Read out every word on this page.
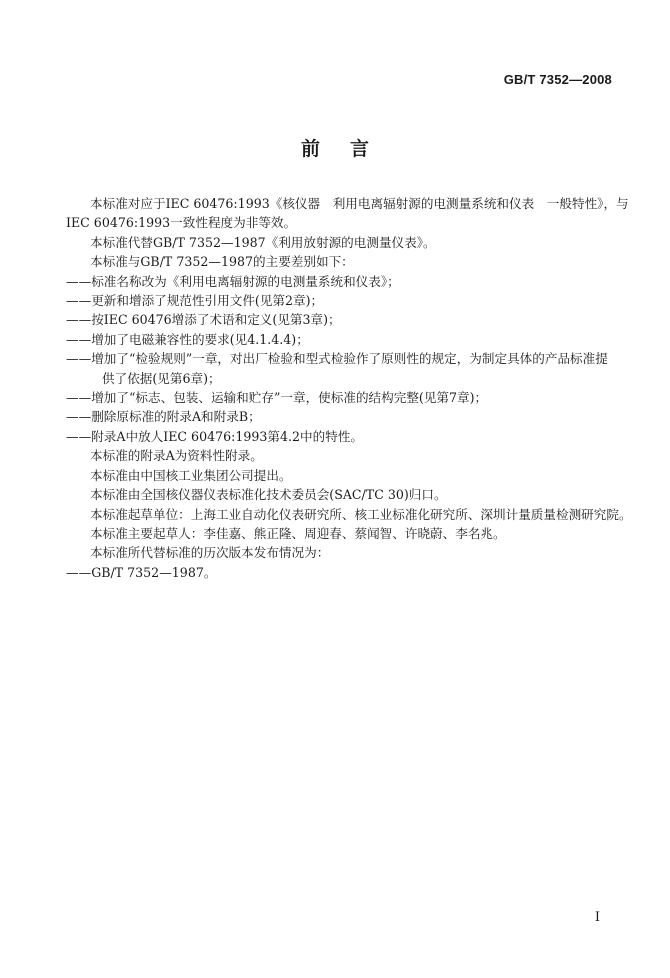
GB/T 7352—2008
前言

本标准对应于IEC 60476:1993《核仪器　利用电离辐射源的电测量系统和仪表　一般特性》，与

IEC 60476:1993一致性程度为非等效。

本标准代替GB/T 7352—1987《利用放射源的电测量仪表》。

本标准与GB/T 7352—1987的主要差别如下：

——标准名称改为《利用电离辐射源的电测量系统和仪表》；

——更新和增添了规范性引用文件(见第2章)；

——按IEC 60476增添了术语和定义(见第3章)；

——增加了电磁兼容性的要求(见4.1.4.4)；

——增加了“检验规则”一章，对出厂检验和型式检验作了原则性的规定，为制定具体的产品标准提

供了依据(见第6章)；

——增加了“标志、包装、运输和贮存”一章，使标准的结构完整(见第7章)；

——删除原标准的附录A和附录B；

——附录A中放人IEC 60476:1993第4.2中的特性。

本标准的附录A为资料性附录。

本标准由中国核工业集团公司提出。

本标准由全国核仪器仪表标准化技术委员会(SAC/TC 30)归口。

本标准起草单位：上海工业自动化仪表研究所、核工业标准化研究所、深圳计量质量检测研究院。

本标准主要起草人：李佳嘉、熊正隆、周迎春、蔡闻智、许晓蔚、李名兆。

本标准所代替标准的历次版本发布情况为：

——GB/T 7352—1987。

I
